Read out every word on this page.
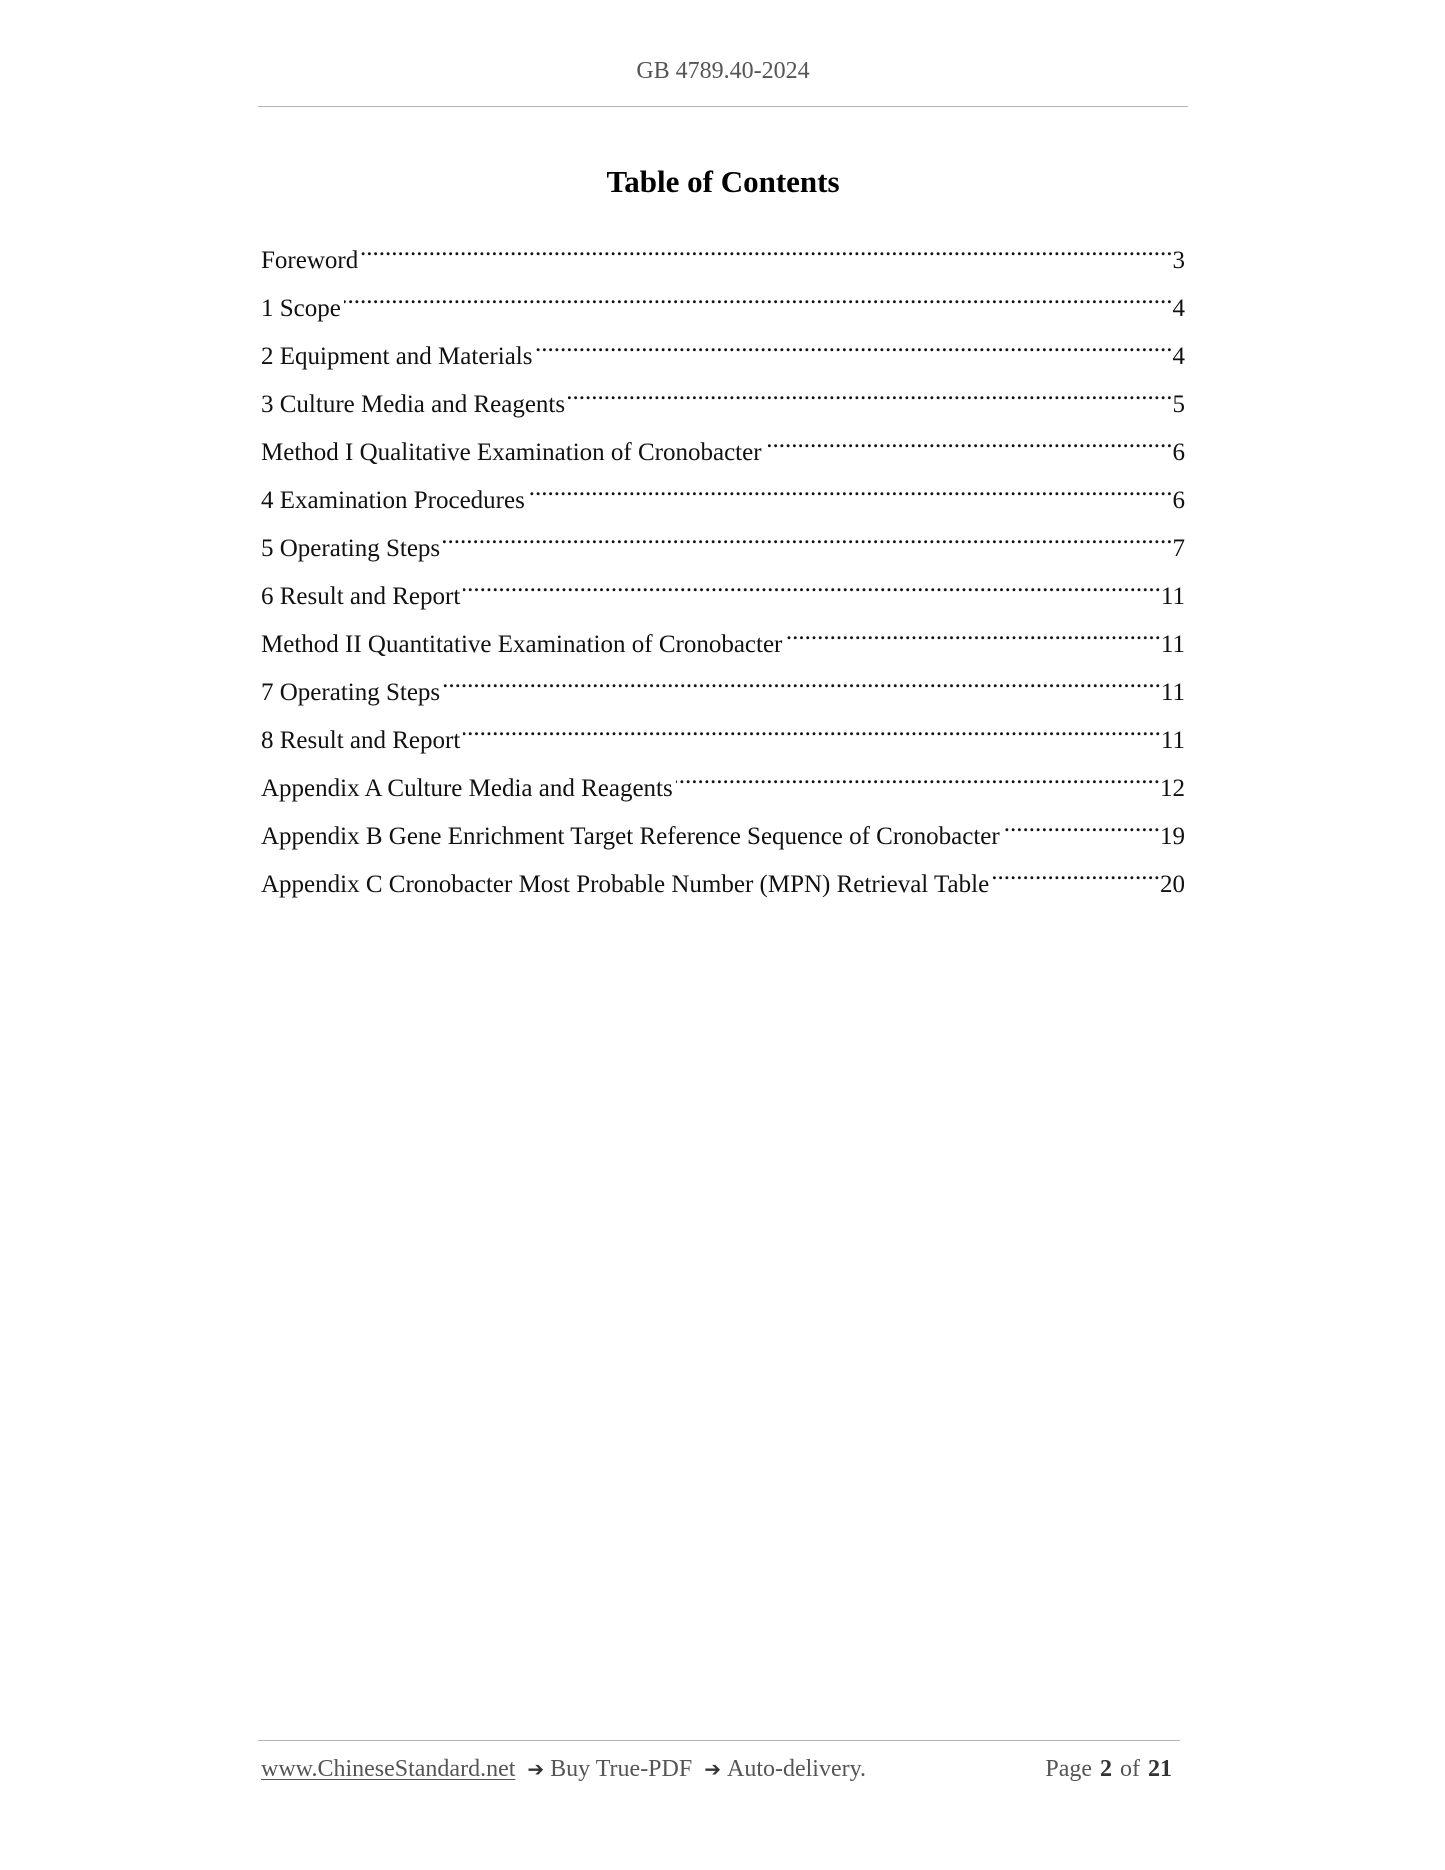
GB 4789.40-2024
Table of Contents
Foreword .....	3
1 Scope .....	4
2 Equipment and Materials .....	4
3 Culture Media and Reagents .....	5
Method I Qualitative Examination of Cronobacter .....	6
4 Examination Procedures .....	6
5 Operating Steps .....	7
6 Result and Report .....	11
Method II Quantitative Examination of Cronobacter .....	11
7 Operating Steps .....	11
8 Result and Report .....	11
Appendix A Culture Media and Reagents .....	12
Appendix B Gene Enrichment Target Reference Sequence of Cronobacter .....	19
Appendix C Cronobacter Most Probable Number (MPN) Retrieval Table .....	20
www.ChineseStandard.net ➔ Buy True-PDF ➔ Auto-delivery.	Page 2 of 21
